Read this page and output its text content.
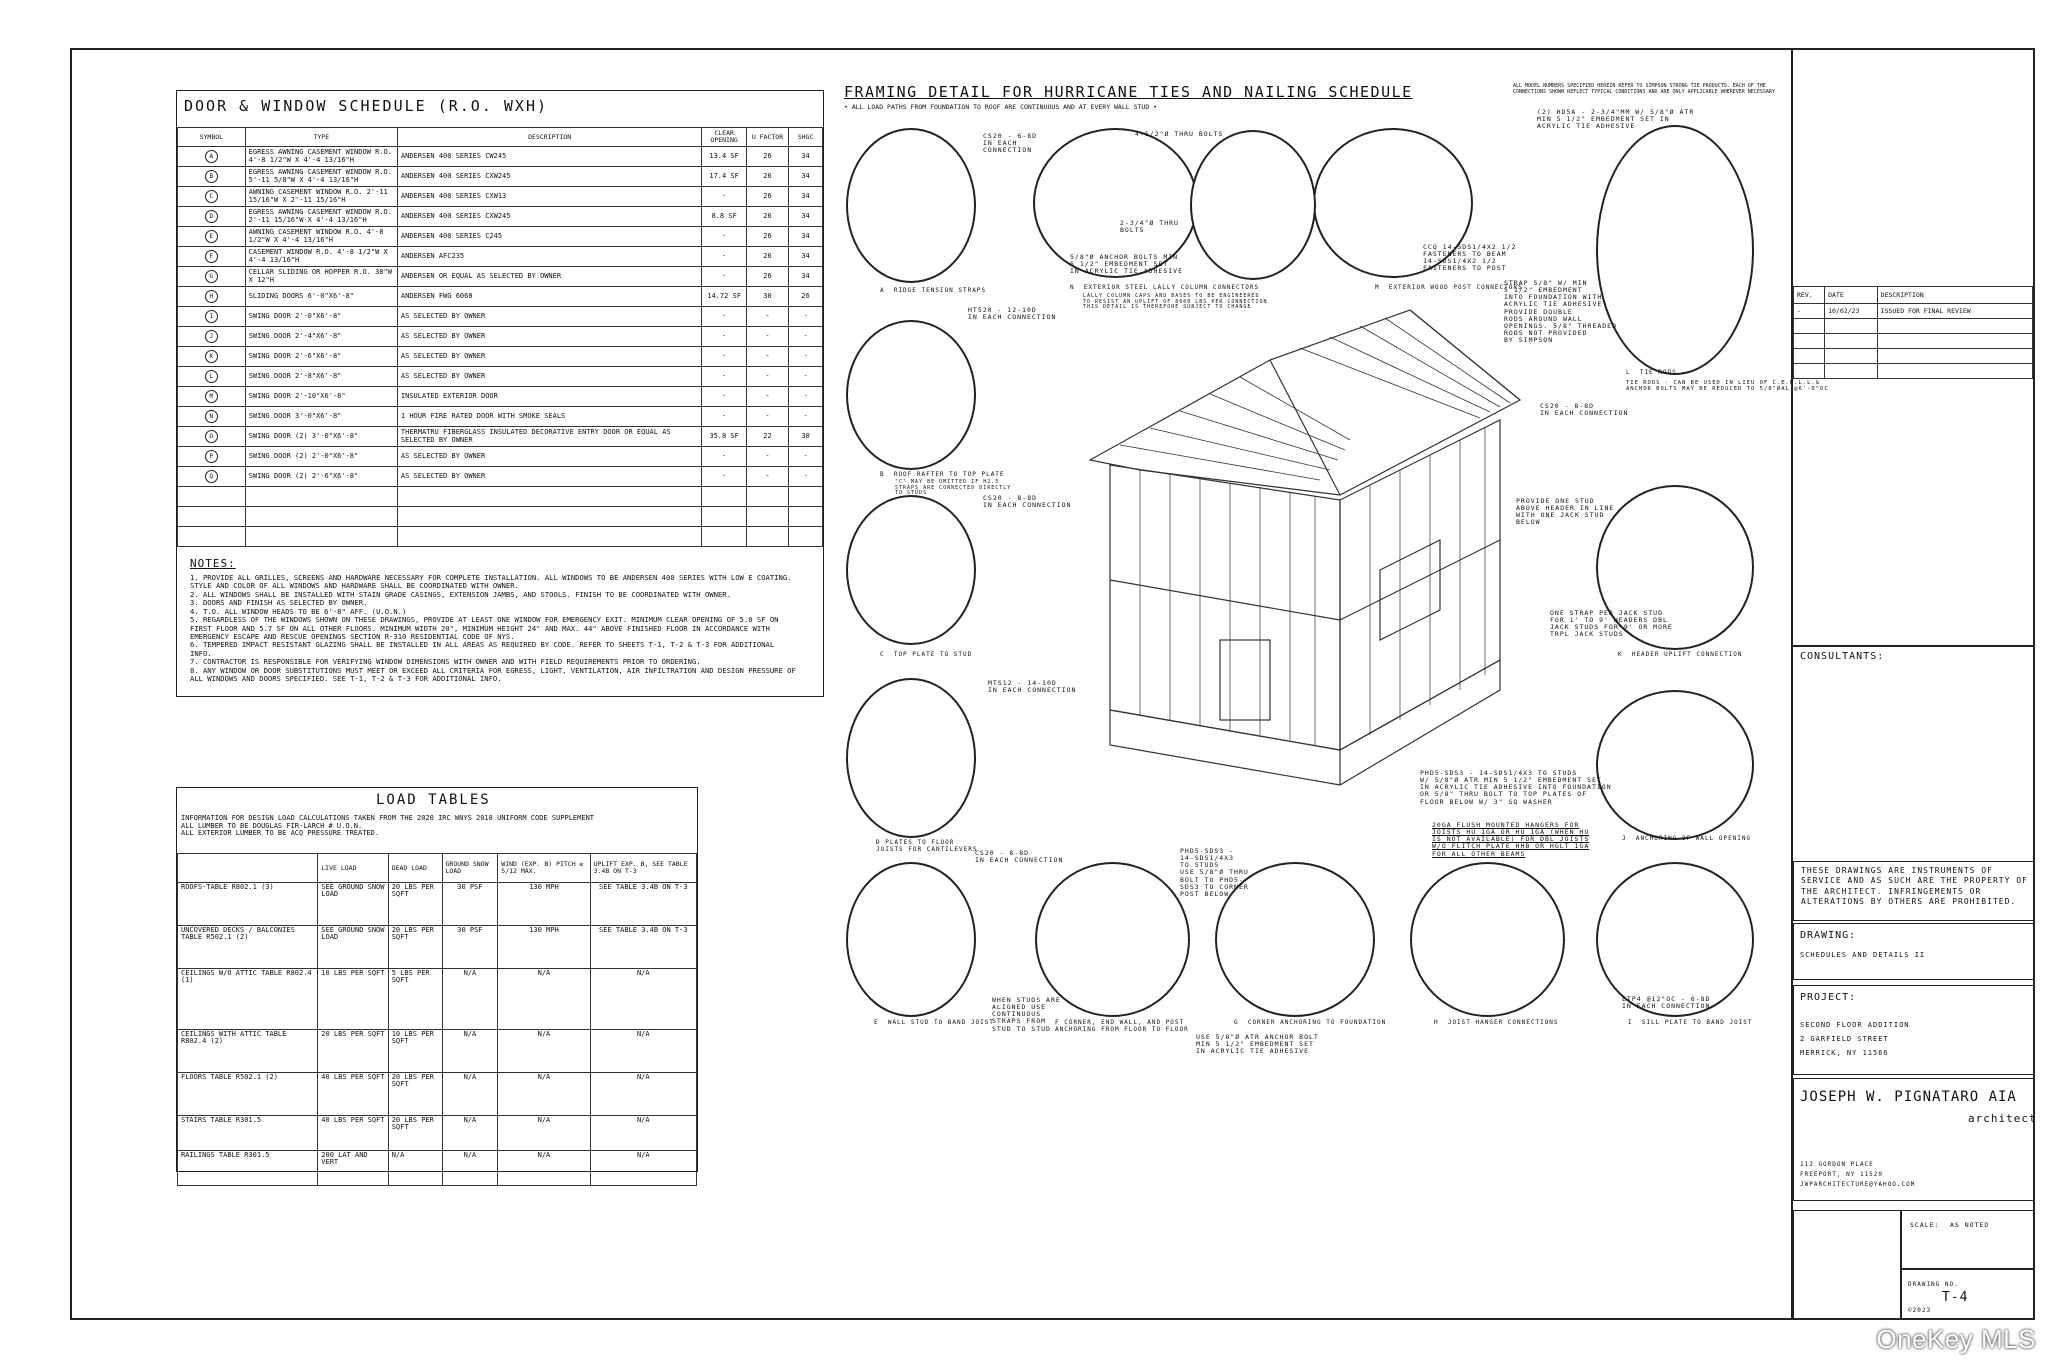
DOOR & WINDOW SCHEDULE (R.O. WXH)
SYMBOL	TYPE	DESCRIPTION	CLEAR OPENING	U FACTOR	SHGC
A	EGRESS AWNING CASEMENT WINDOW R.O. 4'-8 1/2"W X 4'-4 13/16"H	ANDERSEN 400 SERIES CW245	13.4 SF	26	34
B	EGRESS AWNING CASEMENT WINDOW R.O. 5'-11 5/8"W X 4'-4 13/16"H	ANDERSEN 400 SERIES CXW245	17.4 SF	26	34
C	AWNING CASEMENT WINDOW R.O. 2'-11 15/16"W X 2'-11 15/16"H	ANDERSEN 400 SERIES CXW13	-	26	34
D	EGRESS AWNING CASEMENT WINDOW R.O. 2'-11 15/16"W X 4'-4 13/16"H	ANDERSEN 400 SERIES CXW245	8.8 SF	26	34
E	AWNING CASEMENT WINDOW R.O. 4'-8 1/2"W X 4'-4 13/16"H	ANDERSEN 400 SERIES C245	-	26	34
F	CASEMENT WINDOW R.O. 4'-8 1/2"W X 4'-4 13/16"H	ANDERSEN AFC235	-	26	34
G	CELLAR SLIDING OR HOPPER R.O. 38"W X 12"H	ANDERSEN OR EQUAL AS SELECTED BY OWNER	-	26	34
H	SLIDING DOORS 6'-0"X6'-8"	ANDERSEN FWG 6068	14.72 SF	30	26
I	SWING DOOR 2'-0"X6'-8"	AS SELECTED BY OWNER	-	-	-
J	SWING DOOR 2'-4"X6'-8"	AS SELECTED BY OWNER	-	-	-
K	SWING DOOR 2'-6"X6'-8"	AS SELECTED BY OWNER	-	-	-
L	SWING DOOR 2'-8"X6'-8"	AS SELECTED BY OWNER	-	-	-
M	SWING DOOR 2'-10"X6'-8"	INSULATED EXTERIOR DOOR	-	-	-
N	SWING DOOR 3'-0"X6'-8"	1 HOUR FIRE RATED DOOR WITH SMOKE SEALS	-	-	-
O	SWING DOOR (2) 3'-0"X6'-8"	THERMATRU FIBERGLASS INSULATED DECORATIVE ENTRY DOOR OR EQUAL AS SELECTED BY OWNER	35.8 SF	22	30
P	SWING DOOR (2) 2'-0"X6'-8"	AS SELECTED BY OWNER	-	-	-
Q	SWING DOOR (2) 2'-6"X6'-8"	AS SELECTED BY OWNER	-	-	-

NOTES:

1. PROVIDE ALL GRILLES, SCREENS AND HARDWARE NECESSARY FOR COMPLETE INSTALLATION. ALL WINDOWS TO BE ANDERSEN 400 SERIES WITH LOW E COATING. STYLE AND COLOR OF ALL WINDOWS AND HARDWARE SHALL BE COORDINATED WITH OWNER.

2. ALL WINDOWS SHALL BE INSTALLED WITH STAIN GRADE CASINGS, EXTENSION JAMBS, AND STOOLS. FINISH TO BE COORDINATED WITH OWNER.

3. DOORS AND FINISH AS SELECTED BY OWNER.

4. T.O. ALL WINDOW HEADS TO BE 6'-8" AFF. (U.O.N.)

5. REGARDLESS OF THE WINDOWS SHOWN ON THESE DRAWINGS, PROVIDE AT LEAST ONE WINDOW FOR EMERGENCY EXIT. MINIMUM CLEAR OPENING OF 5.0 SF ON FIRST FLOOR AND 5.7 SF ON ALL OTHER FLOORS. MINIMUM WIDTH 20", MINIMUM HEIGHT 24" AND MAX. 44" ABOVE FINISHED FLOOR IN ACCORDANCE WITH EMERGENCY ESCAPE AND RESCUE OPENINGS SECTION R-310 RESIDENTIAL CODE OF NYS.

6. TEMPERED IMPACT RESISTANT GLAZING SHALL BE INSTALLED IN ALL AREAS AS REQUIRED BY CODE. REFER TO SHEETS T-1, T-2 & T-3 FOR ADDITIONAL INFO.

7. CONTRACTOR IS RESPONSIBLE FOR VERIFYING WINDOW DIMENSIONS WITH OWNER AND WITH FIELD REQUIREMENTS PRIOR TO ORDERING.

8. ANY WINDOW OR DOOR SUBSTITUTIONS MUST MEET OR EXCEED ALL CRITERIA FOR EGRESS, LIGHT, VENTILATION, AIR INFILTRATION AND DESIGN PRESSURE OF ALL WINDOWS AND DOORS SPECIFIED. SEE T-1, T-2 & T-3 FOR ADDITIONAL INFO.

LOAD TABLES
INFORMATION FOR DESIGN LOAD CALCULATIONS TAKEN FROM THE 2020 IRC WNYS 2018 UNIFORM CODE SUPPLEMENT
ALL LUMBER TO BE DOUGLAS FIR-LARCH # U.O.N.
ALL EXTERIOR LUMBER TO BE ACQ PRESSURE TREATED.
	LIVE LOAD	DEAD LOAD	GROUND SNOW LOAD	WIND (EXP. B) PITCH ≥ 5/12 MAX.	UPLIFT EXP. B, SEE TABLE 3.4B ON T-3
ROOFS-TABLE R802.1 (3)	SEE GROUND SNOW LOAD	20 LBS PER SQFT	30 PSF	130 MPH	SEE TABLE 3.4B ON T-3
UNCOVERED DECKS / BALCONIES TABLE R502.1 (2)	SEE GROUND SNOW LOAD	20 LBS PER SQFT	30 PSF	130 MPH	SEE TABLE 3.4B ON T-3
CEILINGS W/O ATTIC TABLE R802.4 (1)	10 LBS PER SQFT	5 LBS PER SQFT	N/A	N/A	N/A
CEILINGS WITH ATTIC TABLE R802.4 (2)	20 LBS PER SQFT	10 LBS PER SQFT	N/A	N/A	N/A
FLOORS TABLE R502.1 (2)	40 LBS PER SQFT	20 LBS PER SQFT	N/A	N/A	N/A
STAIRS TABLE R301.5	40 LBS PER SQFT	20 LBS PER SQFT	N/A	N/A	N/A
RAILINGS TABLE R301.5	200 LAT AND VERT	N/A	N/A	N/A	N/A
FRAMING DETAIL FOR HURRICANE TIES AND NAILING SCHEDULE
• ALL LOAD PATHS FROM FOUNDATION TO ROOF ARE CONTINUOUS AND AT EVERY WALL STUD •
ALL MODEL NUMBERS SPECIFIED HEREIN REFER TO SIMPSON STRONG TIE PRODUCTS. EACH OF THE CONNECTIONS SHOWN REFLECT TYPICAL CONDITIONS AND ARE ONLY APPLICABLE WHEREVER NECESSARY
A  RIDGE TENSION STRAPS
B  ROOF RAFTER TO TOP PLATE
"C" MAY BE OMITTED IF H2.5 STRAPS ARE CONNECTED DIRECTLY TO STUDS
C  TOP PLATE TO STUD
D PLATES TO FLOOR JOISTS FOR CANTILEVERS
E  WALL STUD TO BAND JOIST	F CORNER, END WALL, AND POST ANCHORING FROM FLOOR TO FLOOR
G  CORNER ANCHORING TO FOUNDATION	H  JOIST HANGER CONNECTIONS	I  SILL PLATE TO BAND JOIST
J  ANCHORING OF WALL OPENING
K  HEADER UPLIFT CONNECTION
L  TIE RODS -
M  EXTERIOR WOOD POST CONNECTORS
N  EXTERIOR STEEL LALLY COLUMN CONNECTORS
CS20 - 6-8D
IN EACH
CONNECTION
4-1/2"Ø THRU BOLTS
2-3/4"Ø THRU
BOLTS
5/8"Ø ANCHOR BOLTS MIN
5 1/2" EMBEDMENT SET
IN ACRYLIC TIE ADHESIVE
LALLY COLUMN CAPS AND BASES TO BE ENGINEERED
TO RESIST AN UPLIFT OF 8000 LBS PER CONNECTION
THIS DETAIL IS THEREFORE SUBJECT TO CHANGE
(2) HD5A - 2-3/4"MM W/ 5/8"Ø ATR
MIN 5 1/2" EMBEDMENT SET IN
ACRYLIC TIE ADHESIVE
CCQ 14-SDS1/4X2 1/2
FASTENERS TO BEAM
14-SDS1/4X2 1/2
FASTENERS TO POST
STRAP 5/8" W/ MIN
5 1/2" EMBEDMENT
INTO FOUNDATION WITH
ACRYLIC TIE ADHESIVE
PROVIDE DOUBLE
RODS AROUND WALL
OPENINGS. 5/8" THREADED
RODS NOT PROVIDED
BY SIMPSON
TIE RODS - CAN BE USED IN LIEU OF C.E.K.L.L.&
ANCHOR BOLTS MAY BE REDUCED TO 5/8"ØAL @6'-0"OC
HT520 - 12-10D
IN EACH CONNECTION
CS20 - 8-8D
IN EACH CONNECTION
CS20 - 8-8D
IN EACH CONNECTION
MTS12 - 14-10D
IN EACH CONNECTION
PROVIDE ONE STUD
ABOVE HEADER IN LINE
WITH ONE JACK STUD
BELOW
ONE STRAP PER JACK STUD
FOR 1' TO 9' HEADERS DBL
JACK STUDS FOR 9' OR MORE
TRPL JACK STUDS
PHD5-SDS3 - 14-SDS1/4X3 TO STUDS
W/ 5/8"Ø ATR MIN 5 1/2" EMBEDMENT SET
IN ACRYLIC TIE ADHESIVE INTO FOUNDATION
OR 5/8" THRU BOLT TO TOP PLATES OF
FLOOR BELOW W/ 3" SQ WASHER
20GA FLUSH MOUNTED HANGERS FOR
JOISTS HU 1GA OR HU 1GA (WHEN HU
IS NOT AVAILABLE) FOR DBL JOISTS
W/O FLITCH PLATE HHB OR HGLT 1GA
FOR ALL OTHER BEAMS
CS20 - 8-8D
IN EACH CONNECTION
PHD5-SDS3 -
14-SDS1/4X3
TO STUDS
USE 5/8"Ø THRU
BOLT TO PHD5-
SDS3 TO CORNER
POST BELOW
WHEN STUDS ARE
ALIGNED USE
CONTINUOUS
STRAPS FROM
STUD TO STUD
USE 5/8"Ø ATR ANCHOR BOLT
MIN 5 1/2" EMBEDMENT SET
IN ACRYLIC TIE ADHESIVE
LTP4 @12"OC - 6-8D
IN EACH CONNECTION
REV.	DATE	DESCRIPTION
-	10/02/23	ISSUED FOR FINAL REVIEW

CONSULTANTS:
THESE DRAWINGS ARE INSTRUMENTS OF SERVICE AND AS SUCH ARE THE PROPERTY OF THE ARCHITECT. INFRINGEMENTS OR ALTERATIONS BY OTHERS ARE PROHIBITED.
DRAWING:
SCHEDULES AND DETAILS II
PROJECT:
SECOND FLOOR ADDITION
2 GARFIELD STREET
MERRICK, NY 11566
JOSEPH W. PIGNATARO AIA
architect
112 GORDON PLACE
FREEPORT, NY 11520
JWPARCHITECTURE@YAHOO.COM
SCALE: AS NOTED
DRAWING NO.
T-4
©2023
OneKey MLS
